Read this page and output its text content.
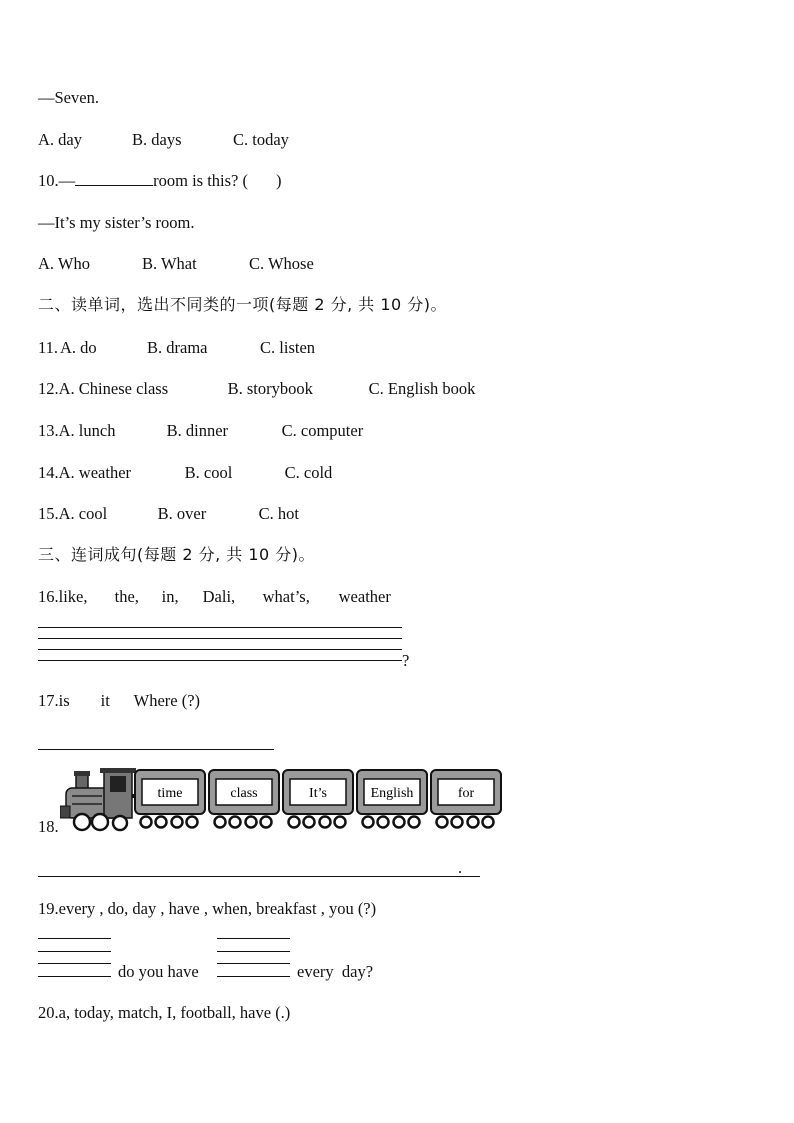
—Seven.
A. day	B. days	C. today
10.—	room is this? ( )
—It’s my sister’s room.
A. Who	B. What	C. Whose
二、读单词，选出不同类的一项(每题 2 分, 共 10 分)。
11. A. do	B. drama	C. listen
12.A. Chinese class	B. storybook	C. English book
13.A. lunch	B. dinner	C. computer
14.A. weather	B. cool	C. cold
15.A. cool	B. over	C. hot
三、连词成句(每题 2 分, 共 10 分)。
16.like, the, in, Dali, what’s, weather
?
17.is it Where (?)
18.
time	class	It’s	English	for
.
19.every , do, day , have , when, breakfast , you (?)
do you have	every  day?
20.a, today, match, I, football, have (.)
